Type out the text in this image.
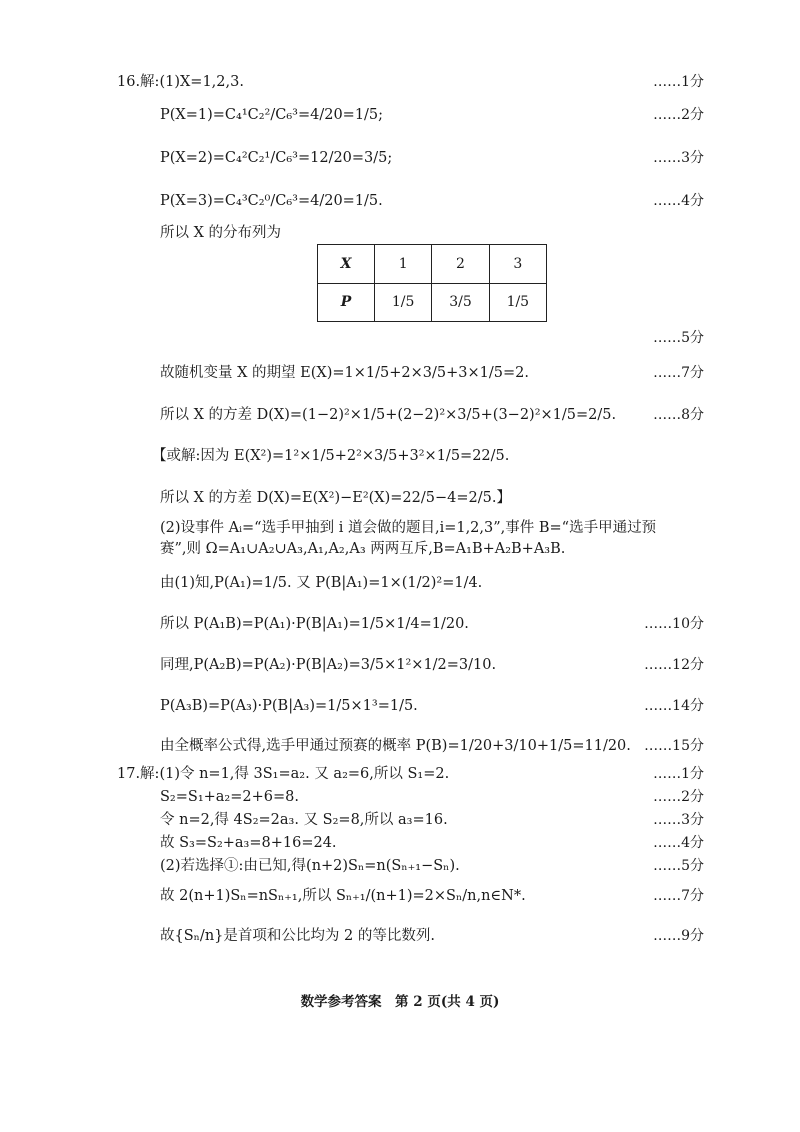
16.解:(1)X=1,2,3.	……1分
P(X=1)=C₄¹C₂²/C₆³=4/20=1/5;	……2分
P(X=2)=C₄²C₂¹/C₆³=12/20=3/5;	……3分
P(X=3)=C₄³C₂⁰/C₆³=4/20=1/5.	……4分
所以 X 的分布列为
X	1	2	3
P	1/5	3/5	1/5
……5分
故随机变量 X 的期望 E(X)=1×1/5+2×3/5+3×1/5=2.	……7分
所以 X 的方差 D(X)=(1−2)²×1/5+(2−2)²×3/5+(3−2)²×1/5=2/5.	……8分
【或解:因为 E(X²)=1²×1/5+2²×3/5+3²×1/5=22/5.
所以 X 的方差 D(X)=E(X²)−E²(X)=22/5−4=2/5.】
(2)设事件 Aᵢ=“选手甲抽到 i 道会做的题目,i=1,2,3”,事件 B=“选手甲通过预
赛”,则 Ω=A₁∪A₂∪A₃,A₁,A₂,A₃ 两两互斥,B=A₁B+A₂B+A₃B.
由(1)知,P(A₁)=1/5. 又 P(B|A₁)=1×(1/2)²=1/4.
所以 P(A₁B)=P(A₁)·P(B|A₁)=1/5×1/4=1/20.	……10分
同理,P(A₂B)=P(A₂)·P(B|A₂)=3/5×1²×1/2=3/10.	……12分
P(A₃B)=P(A₃)·P(B|A₃)=1/5×1³=1/5.	……14分
由全概率公式得,选手甲通过预赛的概率 P(B)=1/20+3/10+1/5=11/20. ……15分
17.解:(1)令 n=1,得 3S₁=a₂. 又 a₂=6,所以 S₁=2.	……1分
S₂=S₁+a₂=2+6=8.	……2分
令 n=2,得 4S₂=2a₃. 又 S₂=8,所以 a₃=16.	……3分
故 S₃=S₂+a₃=8+16=24.	……4分
(2)若选择①:由已知,得(n+2)Sₙ=n(Sₙ₊₁−Sₙ).	……5分
故 2(n+1)Sₙ=nSₙ₊₁,所以 Sₙ₊₁/(n+1)=2×Sₙ/n,n∈N*.	……7分
故{Sₙ/n}是首项和公比均为 2 的等比数列.	……9分
数学参考答案　第 2 页(共 4 页)
